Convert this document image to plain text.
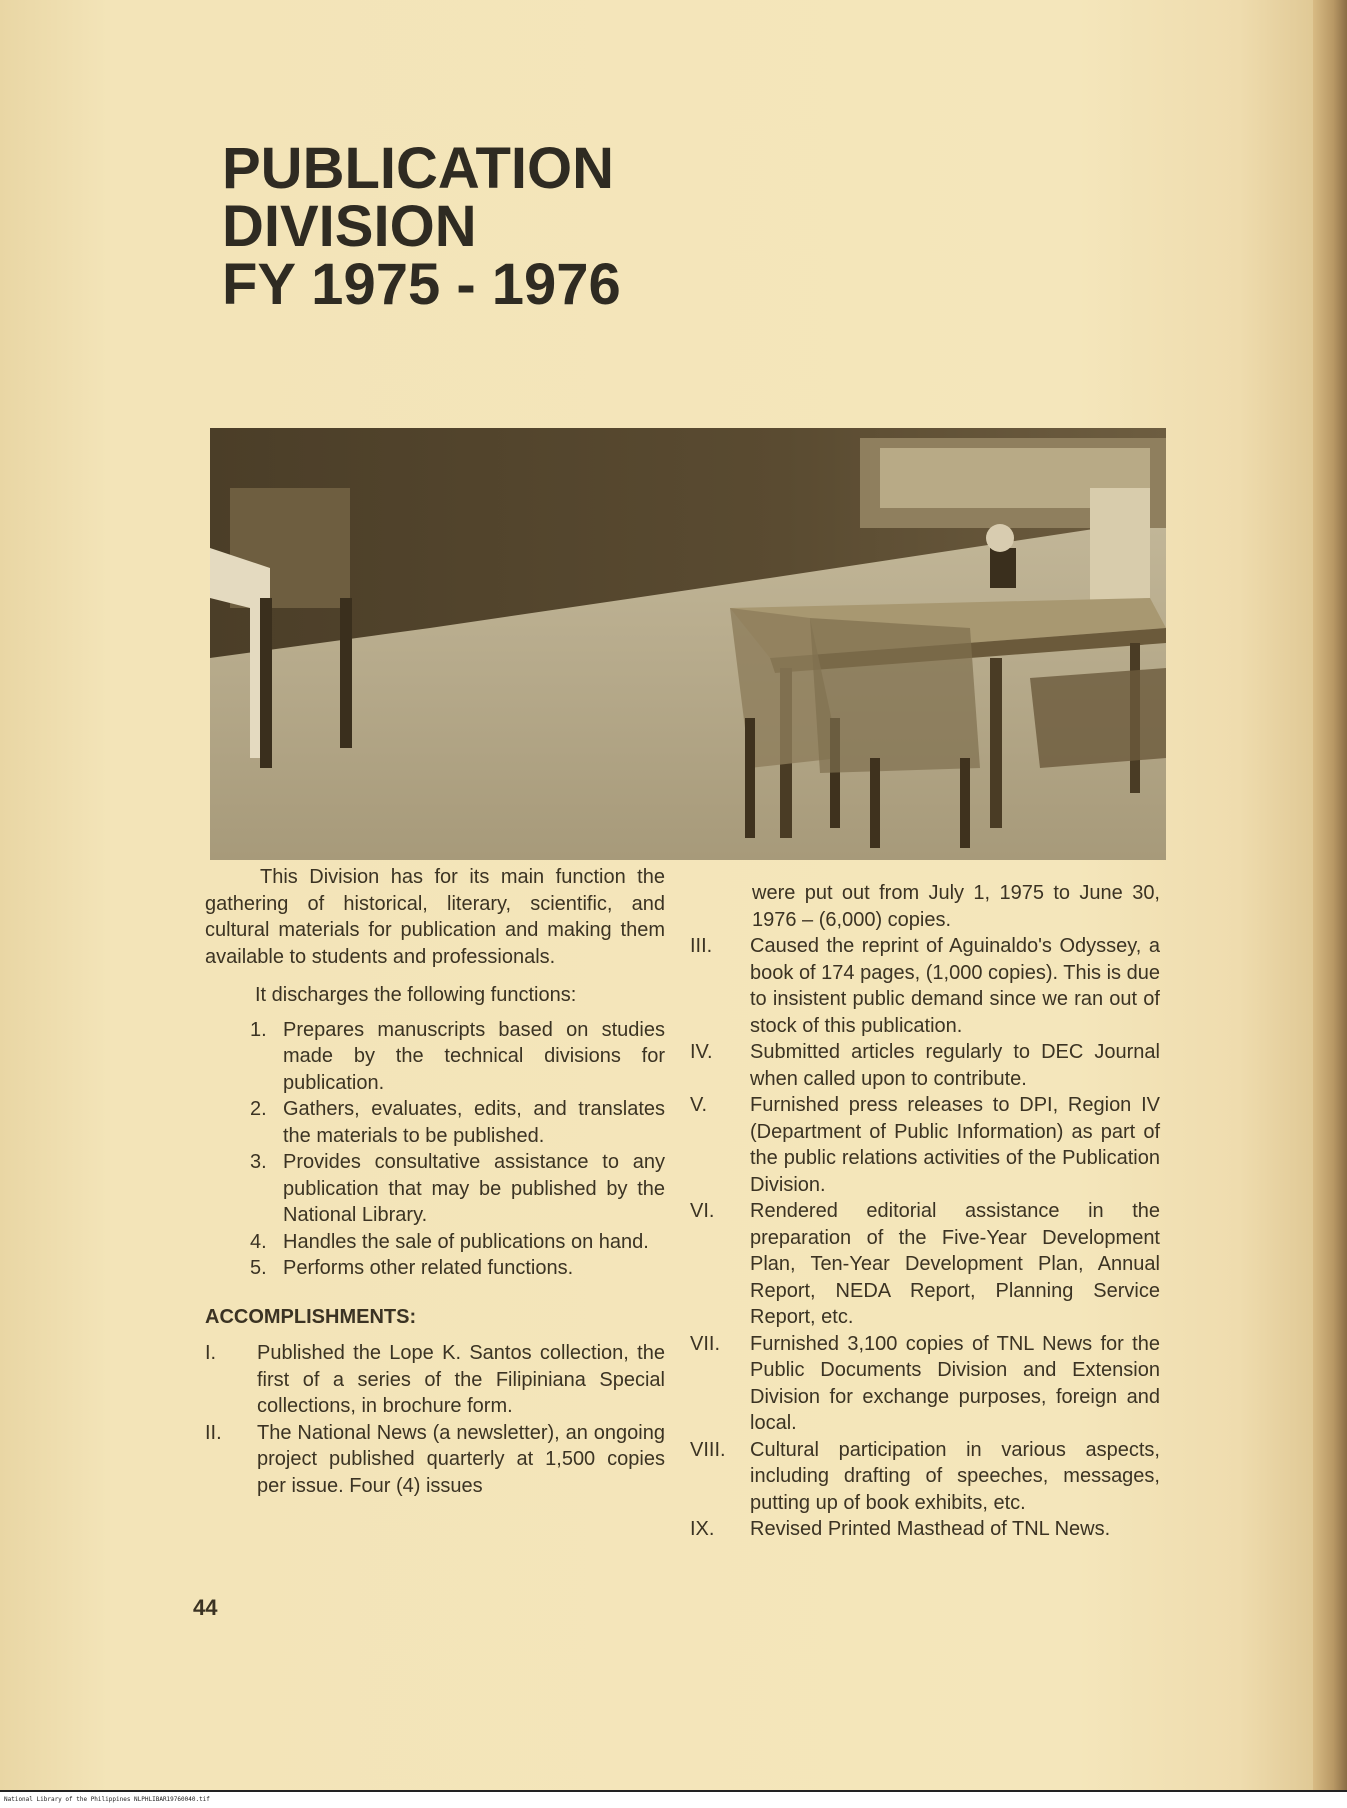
PUBLICATION
DIVISION
FY 1975 - 1976

This Division has for its main function the gathering of historical, literary, scientific, and cultural materials for publication and making them available to students and professionals.

It discharges the following functions:

1. Prepares manuscripts based on studies made by the technical divisions for publication.
2. Gathers, evaluates, edits, and translates the materials to be published.
3. Provides consultative assistance to any publication that may be published by the National Library.
4. Handles the sale of publications on hand.
5. Performs other related functions.

ACCOMPLISHMENTS:

I.	Published the Lope K. Santos collection, the first of a series of the Filipiniana Special collections, in brochure form.
II.	The National News (a newsletter), an ongoing project published quarterly at 1,500 copies per issue. Four (4) issues

were put out from July 1, 1975 to June 30, 1976 – (6,000) copies.

III.	Caused the reprint of Aguinaldo's Odyssey, a book of 174 pages, (1,000 copies). This is due to insistent public demand since we ran out of stock of this publication.
IV.	Submitted articles regularly to DEC Journal when called upon to contribute.
V.	Furnished press releases to DPI, Region IV (Department of Public Information) as part of the public relations activities of the Publication Division.
VI.	Rendered editorial assistance in the preparation of the Five-Year Development Plan, Ten-Year Development Plan, Annual Report, NEDA Report, Planning Service Report, etc.
VII.	Furnished 3,100 copies of TNL News for the Public Documents Division and Extension Division for exchange purposes, foreign and local.
VIII.	Cultural participation in various aspects, including drafting of speeches, messages, putting up of book exhibits, etc.
IX.	Revised Printed Masthead of TNL News.
44
National Library of the Philippines NLPHLIBAR19760040.tif
